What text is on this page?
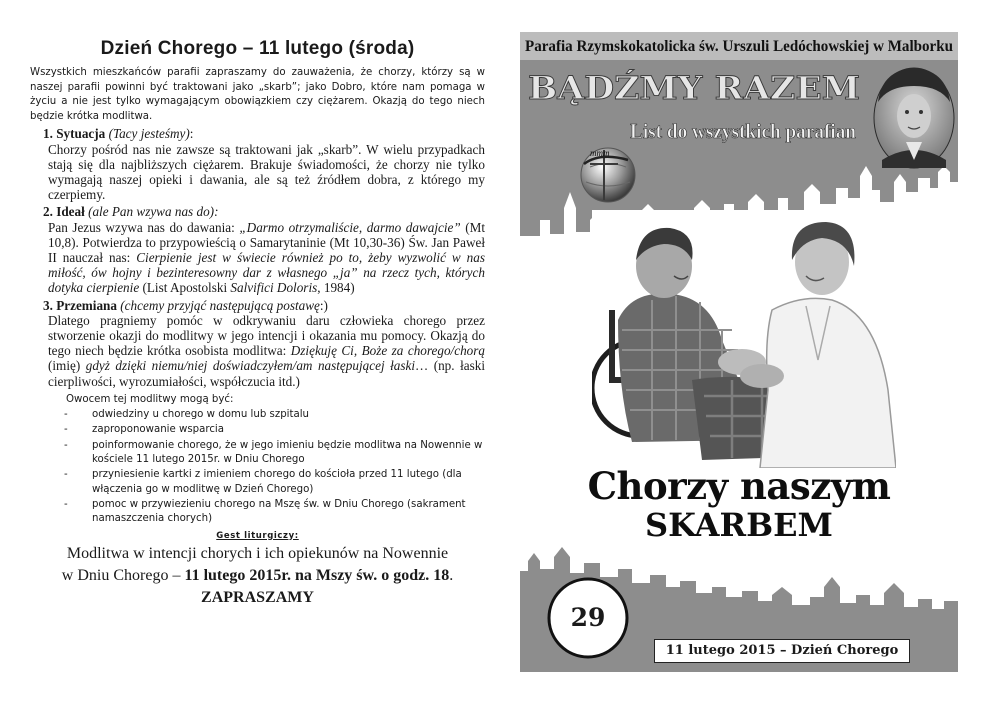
Dzień Chorego – 11 lutego (środa)

Wszystkich mieszkańców parafii zapraszamy do zauważenia, że chorzy, którzy są w naszej parafii powinni być traktowani jako „skarb”; jako Dobro, które nam pomaga w życiu a nie jest tylko wymagającym obowiązkiem czy ciężarem. Okazją do tego niech będzie krótka modlitwa.

1. Sytuacja (Tacy jesteśmy):
Chorzy pośród nas nie zawsze są traktowani jak „skarb”. W wielu przypadkach stają się dla najbliższych ciężarem. Brakuje świadomości, że chorzy nie tylko wymagają naszej opieki i dawania, ale są też źródłem dobra, z którego my czerpiemy.
2. Ideał (ale Pan wzywa nas do):
Pan Jezus wzywa nas do dawania: „Darmo otrzymaliście, darmo dawajcie” (Mt 10,8). Potwierdza to przypowieścią o Samarytaninie (Mt 10,30-36) Św. Jan Paweł II nauczał nas: Cierpienie jest w świecie również po to, żeby wyzwolić w nas miłość, ów hojny i bezinteresowny dar z własnego „ja” na rzecz tych, których dotyka cierpienie (List Apostolski Salvifici Doloris, 1984)
3. Przemiana (chcemy przyjąć następującą postawę:)
Dlatego pragniemy pomóc w odkrywaniu daru człowieka chorego przez stworzenie okazji do modlitwy w jego intencji i okazania mu pomocy. Okazją do tego niech będzie krótka osobista modlitwa: Dziękuję Ci, Boże za chorego/chorą (imię) gdyż dzięki niemu/niej doświadczyłem/am następującej łaski… (np. łaski cierpliwości, wyrozumiałości, współczucia itd.)
Owocem tej modlitwy mogą być:
- odwiedziny u chorego w domu lub szpitalu
- zaproponowanie wsparcia
- poinformowanie chorego, że w jego imieniu będzie modlitwa na Nowennie w kościele 11 lutego 2015r. w Dniu Chorego
- przyniesienie kartki z imieniem chorego do kościoła przed 11 lutego (dla włączenia go w modlitwę w Dzień Chorego)
- pomoc w przywiezieniu chorego na Mszę św. w Dniu Chorego (sakrament namaszczenia chorych)
Gest liturgiczy:
Modlitwa w intencji chorych i ich opiekunów na Nowennie
w Dniu Chorego – 11 lutego 2015r. na Mszy św. o godz. 18.
ZAPRASZAMY
Parafia Rzymskokatolicka św. Urszuli Ledóchowskiej w Malborku
BĄDŹMY RAZEM
List do wszystkich parafian
mmm
Chorzy naszym
SKARBEM
29
11 lutego 2015 – Dzień Chorego
